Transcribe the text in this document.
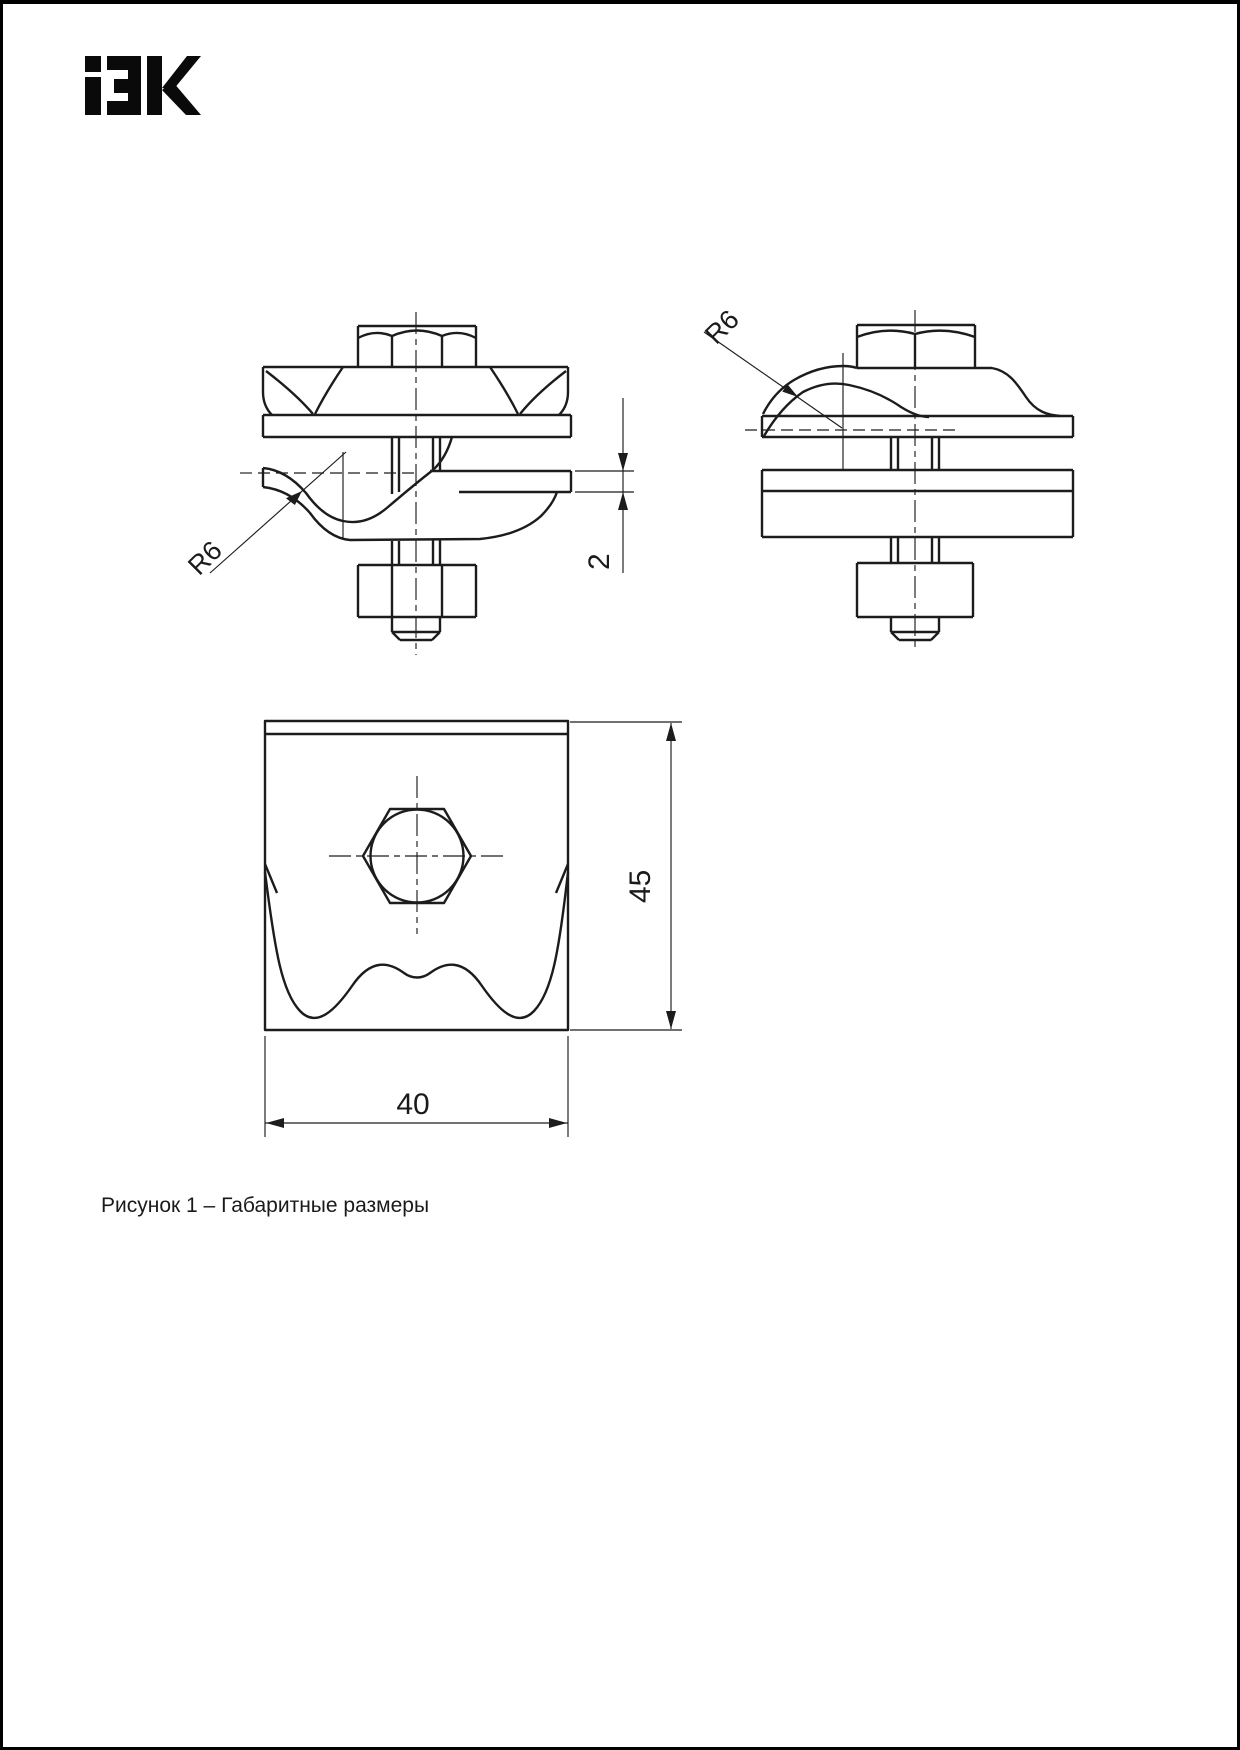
2
45
40
R6
R6
Рисунок 1 – Габаритные размеры
